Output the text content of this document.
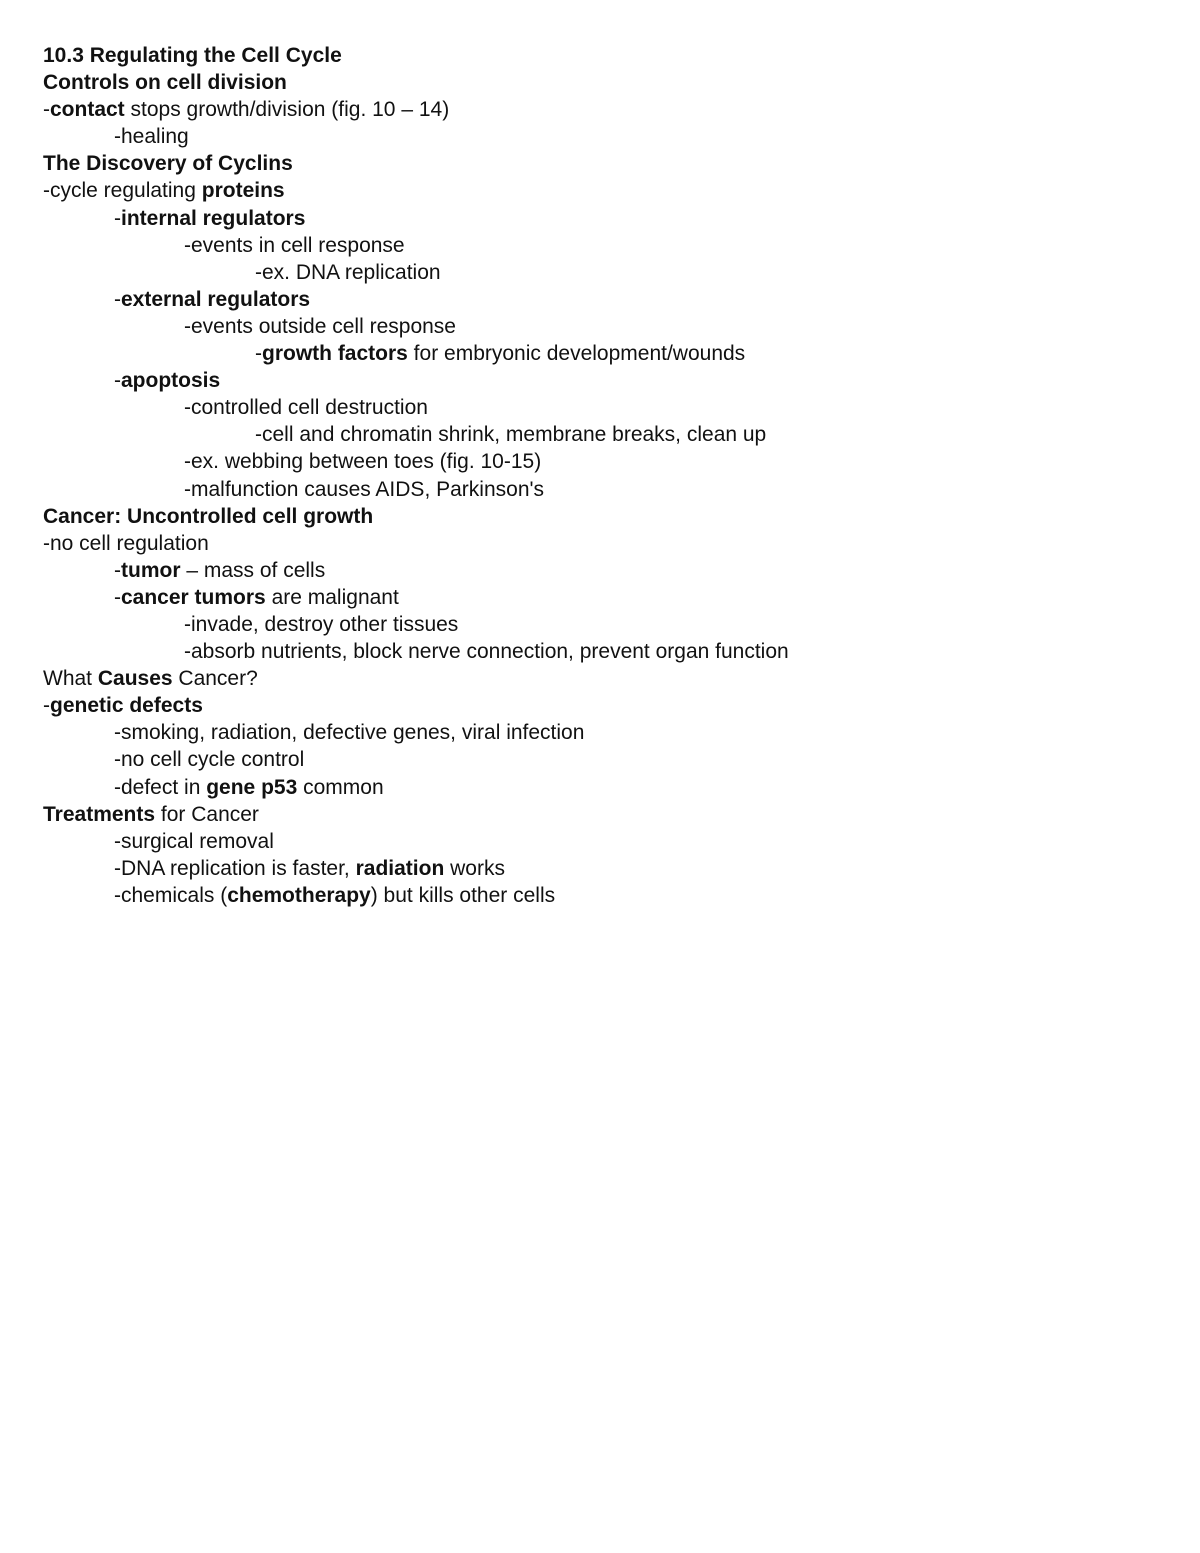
10.3 Regulating the Cell Cycle
Controls on cell division
-contact stops growth/division (fig. 10 – 14)
-healing
The Discovery of Cyclins
-cycle regulating proteins
-internal regulators
-events in cell response
-ex. DNA replication
-external regulators
-events outside cell response
-growth factors for embryonic development/wounds
-apoptosis
-controlled cell destruction
-cell and chromatin shrink, membrane breaks, clean up
-ex. webbing between toes (fig. 10-15)
-malfunction causes AIDS, Parkinson's
Cancer: Uncontrolled cell growth
-no cell regulation
-tumor – mass of cells
-cancer tumors are malignant
-invade, destroy other tissues
-absorb nutrients, block nerve connection, prevent organ function
What Causes Cancer?
-genetic defects
-smoking, radiation, defective genes, viral infection
-no cell cycle control
-defect in gene p53 common
Treatments for Cancer
-surgical removal
-DNA replication is faster, radiation works
-chemicals (chemotherapy) but kills other cells
